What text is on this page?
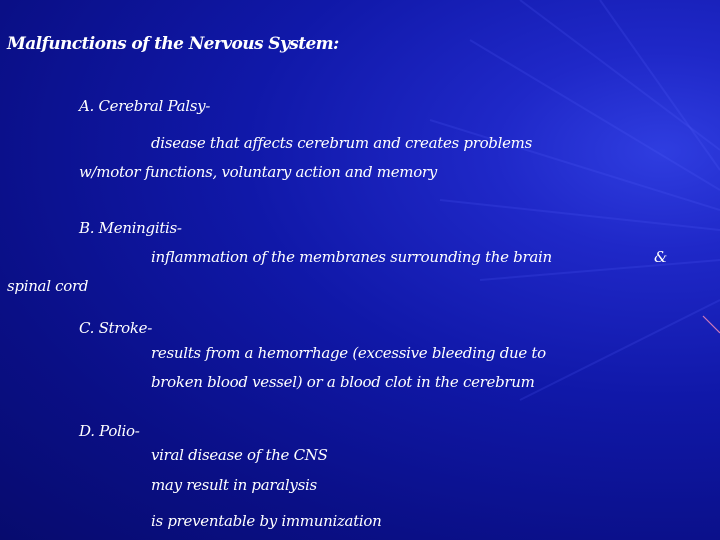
Malfunctions of the Nervous System:
A. Cerebral Palsy-
disease that affects cerebrum and creates problems
w/motor functions, voluntary action and memory
B. Meningitis-
inflammation of the membranes surrounding the brain	&
spinal cord
C. Stroke-
results from a hemorrhage (excessive bleeding due to
broken blood vessel) or a blood clot in the cerebrum
D. Polio-
viral disease of the CNS
may result in paralysis
is preventable by immunization
